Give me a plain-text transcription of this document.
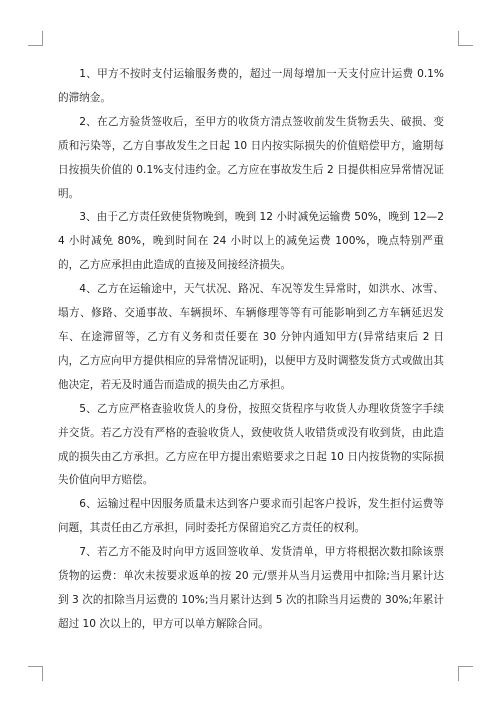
1、甲方不按时支付运输服务费的，超过一周每增加一天支付应计运费 0.1%的滞纳金。

2、在乙方验货签收后，至甲方的收货方清点签收前发生货物丢失、破损、变质和污染等，乙方自事故发生之日起 10 日内按实际损失的价值赔偿甲方，逾期每日按损失价值的 0.1%支付违约金。乙方应在事故发生后 2 日提供相应异常情况证明。

3、由于乙方责任致使货物晚到，晚到 12 小时减免运输费 50%，晚到 12—24 小时减免 80%，晚到时间在 24 小时以上的减免运费 100%，晚点特别严重的，乙方应承担由此造成的直接及间接经济损失。

4、乙方在运输途中，天气状况、路况、车况等发生异常时，如洪水、冰雪、塌方、修路、交通事故、车辆损坏、车辆修理等等有可能影响到乙方车辆延迟发车、在途滞留等，乙方有义务和责任要在 30 分钟内通知甲方(异常结束后 2 日内，乙方应向甲方提供相应的异常情况证明)，以便甲方及时调整发货方式或做出其他决定，若无及时通告而造成的损失由乙方承担。

5、乙方应严格查验收货人的身份，按照交货程序与收货人办理收货签字手续并交货。若乙方没有严格的查验收货人，致使收货人收错货或没有收到货，由此造成的损失由乙方承担。乙方应在甲方提出索赔要求之日起 10 日内按货物的实际损失价值向甲方赔偿。

6、运输过程中因服务质量未达到客户要求而引起客户投诉，发生拒付运费等问题，其责任由乙方承担，同时委托方保留追究乙方责任的权利。

7、若乙方不能及时向甲方返回签收单、发货清单，甲方将根据次数扣除该票货物的运费：单次未按要求返单的按 20 元/票并从当月运费用中扣除;当月累计达到 3 次的扣除当月运费的 10%;当月累计达到 5 次的扣除当月运费的 30%;年累计超过 10 次以上的，甲方可以单方解除合同。
